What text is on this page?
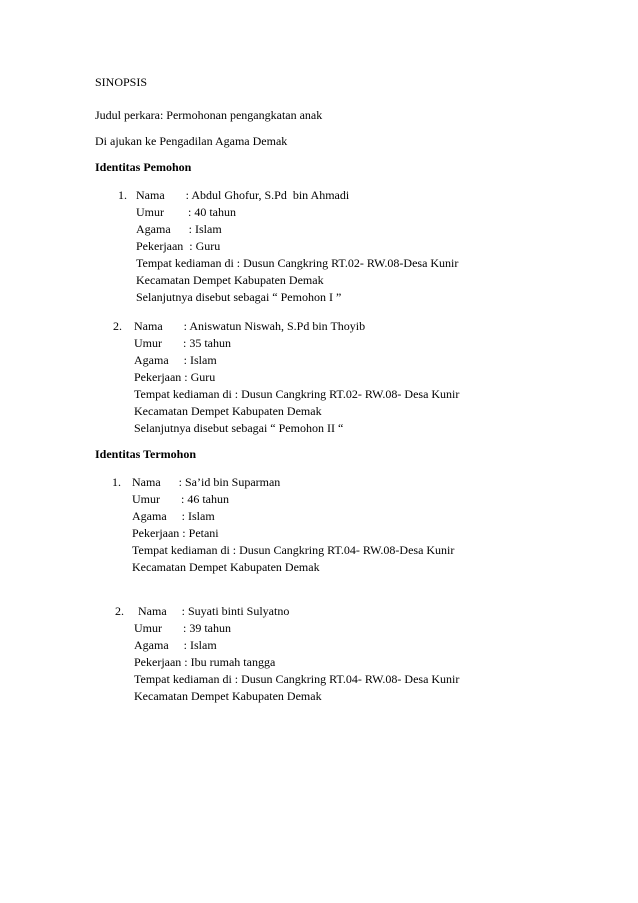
SINOPSIS
Judul perkara: Permohonan pengangkatan anak
Di ajukan ke Pengadilan Agama Demak
Identitas Pemohon
1. Nama       : Abdul Ghofur, S.Pd  bin Ahmadi
Umur        : 40 tahun
Agama      : Islam
Pekerjaan  : Guru
Tempat kediaman di : Dusun Cangkring RT.02- RW.08-Desa Kunir
Kecamatan Dempet Kabupaten Demak
Selanjutnya disebut sebagai “ Pemohon I ”
2. Nama       : Aniswatun Niswah, S.Pd bin Thoyib
Umur       : 35 tahun
Agama     : Islam
Pekerjaan : Guru
Tempat kediaman di : Dusun Cangkring RT.02- RW.08- Desa Kunir
Kecamatan Dempet Kabupaten Demak
Selanjutnya disebut sebagai “ Pemohon II “
Identitas Termohon
1. Nama      : Sa’id bin Suparman
Umur       : 46 tahun
Agama     : Islam
Pekerjaan : Petani
Tempat kediaman di : Dusun Cangkring RT.04- RW.08-Desa Kunir
Kecamatan Dempet Kabupaten Demak
2. Nama     : Suyati binti Sulyatno
Umur       : 39 tahun
Agama     : Islam
Pekerjaan : Ibu rumah tangga
Tempat kediaman di : Dusun Cangkring RT.04- RW.08- Desa Kunir
Kecamatan Dempet Kabupaten Demak
